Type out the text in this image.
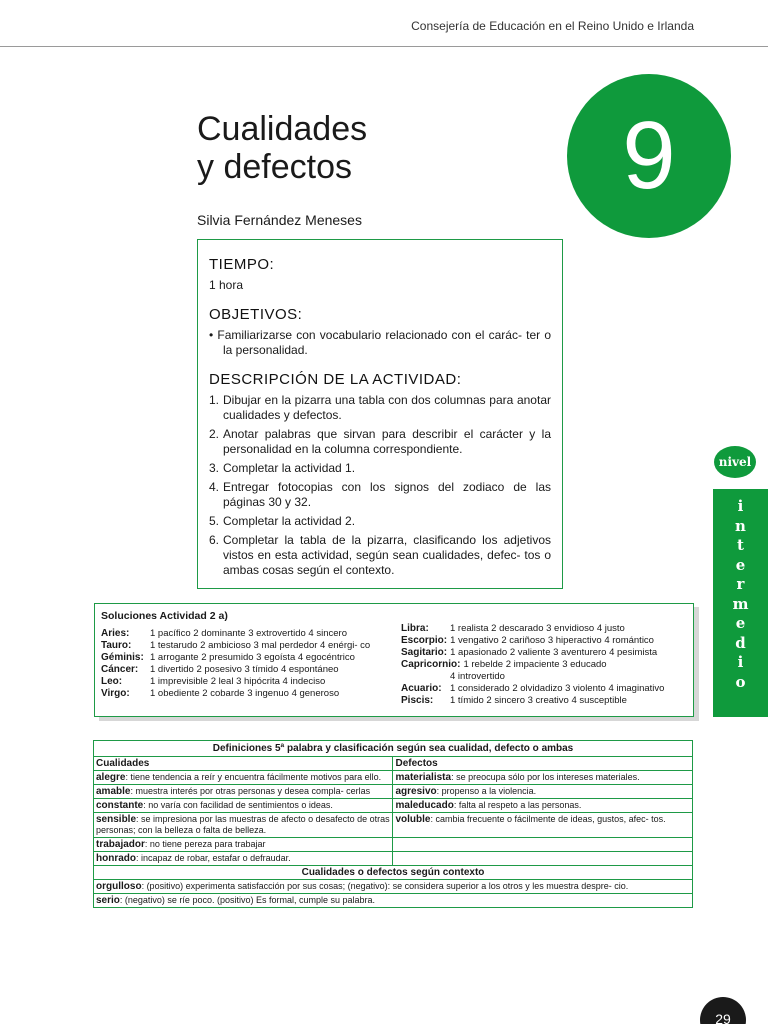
Consejería de Educación en el Reino Unido e Irlanda
Cualidades
y defectos
Silvia Fernández Meneses
9
TIEMPO:
1 hora
OBJETIVOS:
• Familiarizarse con vocabulario relacionado con el carác- ter o la personalidad.
DESCRIPCIÓN DE LA ACTIVIDAD:
1. Dibujar en la pizarra una tabla con dos columnas para anotar cualidades y defectos.
2. Anotar palabras que sirvan para describir el carácter y la personalidad en la columna correspondiente.
3. Completar la actividad 1.
4. Entregar fotocopias con los signos del zodiaco de las páginas 30 y 32.
5. Completar la actividad 2.
6. Completar la tabla de la pizarra, clasificando los adjetivos vistos en esta actividad, según sean cualidades, defec- tos o ambas cosas según el contexto.
nivel
i
n
t
e
r
m
e
d
i
o
Soluciones Actividad 2 a)
Aries:	1 pacífico 2 dominante 3 extrovertido 4 sincero
Tauro:	1 testarudo 2 ambicioso 3 mal perdedor 4 enérgi- co
Géminis: 1 arrogante 2 presumido 3 egoísta 4 egocéntrico
Cáncer:	1 divertido 2 posesivo 3 tímido 4 espontáneo
Leo:	1 imprevisible 2 leal 3 hipócrita 4 indeciso
Virgo:	1 obediente 2 cobarde 3 ingenuo 4 generoso
Libra:	1 realista 2 descarado 3 envidioso 4 justo
Escorpio: 1 vengativo 2 cariñoso 3 hiperactivo 4 romántico
Sagitario: 1 apasionado 2 valiente 3 aventurero 4 pesimista
Capricornio: 1 rebelde 2 impaciente 3 educado
4 introvertido
Acuario: 1 considerado 2 olvidadizo 3 violento 4 imaginativo
Piscis:	1 tímido 2 sincero 3 creativo 4 susceptible
Definiciones 5ª palabra y clasificación según sea cualidad, defecto o ambas	
Cualidades	Defectos
alegre: tiene tendencia a reír y encuentra fácilmente motivos para ello.	materialista: se preocupa sólo por los intereses materiales.
amable: muestra interés por otras personas y desea compla- cerlas	agresivo: propenso a la violencia.
constante: no varía con facilidad de sentimientos o ideas.	maleducado: falta al respeto a las personas.
sensible: se impresiona por las muestras de afecto o desafecto de otras personas; con la belleza o falta de belleza.	voluble: cambia frecuente o fácilmente de ideas, gustos, afec- tos.
trabajador: no tiene pereza para trabajar	
honrado: incapaz de robar, estafar o defraudar.	
Cualidades o defectos según contexto	
orgulloso: (positivo) experimenta satisfacción por sus cosas; (negativo): se considera superior a los otros y les muestra despre- cio.	
serio: (negativo) se ríe poco. (positivo) Es formal, cumple su palabra.	
29
